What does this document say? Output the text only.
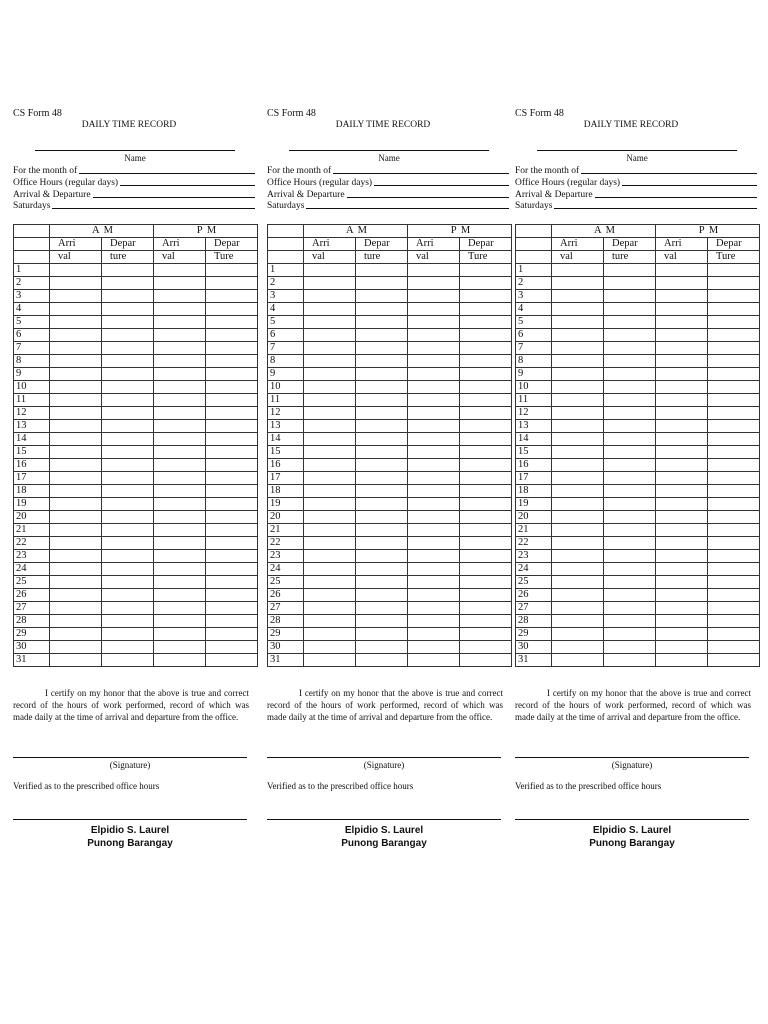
CS Form 48
DAILY TIME RECORD
Name
For the month of
Office Hours (regular days)
Arrival & Departure
Saturdays
	A M		P M	
	Arri	Depar	Arri	Depar
	val	ture	val	Ture
1				
2				
3				
4				
5				
6				
7				
8				
9				
10				
11				
12				
13				
14				
15				
16				
17				
18				
19				
20				
21				
22				
23				
24				
25				
26				
27				
28				
29				
30				
31				
I certify on my honor that the above is true and correct record of the hours of work performed, record of which was made daily at the time of arrival and departure from the office.
(Signature)
Verified as to the prescribed office hours
Elpidio S. Laurel
Punong Barangay
CS Form 48
DAILY TIME RECORD
Name
For the month of
Office Hours (regular days)
Arrival & Departure
Saturdays
	A M		P M	
	Arri	Depar	Arri	Depar
	val	ture	val	Ture
1				
2				
3				
4				
5				
6				
7				
8				
9				
10				
11				
12				
13				
14				
15				
16				
17				
18				
19				
20				
21				
22				
23				
24				
25				
26				
27				
28				
29				
30				
31				
I certify on my honor that the above is true and correct record of the hours of work performed, record of which was made daily at the time of arrival and departure from the office.
(Signature)
Verified as to the prescribed office hours
Elpidio S. Laurel
Punong Barangay
CS Form 48
DAILY TIME RECORD
Name
For the month of
Office Hours (regular days)
Arrival & Departure
Saturdays
	A M		P M	
	Arri	Depar	Arri	Depar
	val	ture	val	Ture
1				
2				
3				
4				
5				
6				
7				
8				
9				
10				
11				
12				
13				
14				
15				
16				
17				
18				
19				
20				
21				
22				
23				
24				
25				
26				
27				
28				
29				
30				
31				
I certify on my honor that the above is true and correct record of the hours of work performed, record of which was made daily at the time of arrival and departure from the office.
(Signature)
Verified as to the prescribed office hours
Elpidio S. Laurel
Punong Barangay
